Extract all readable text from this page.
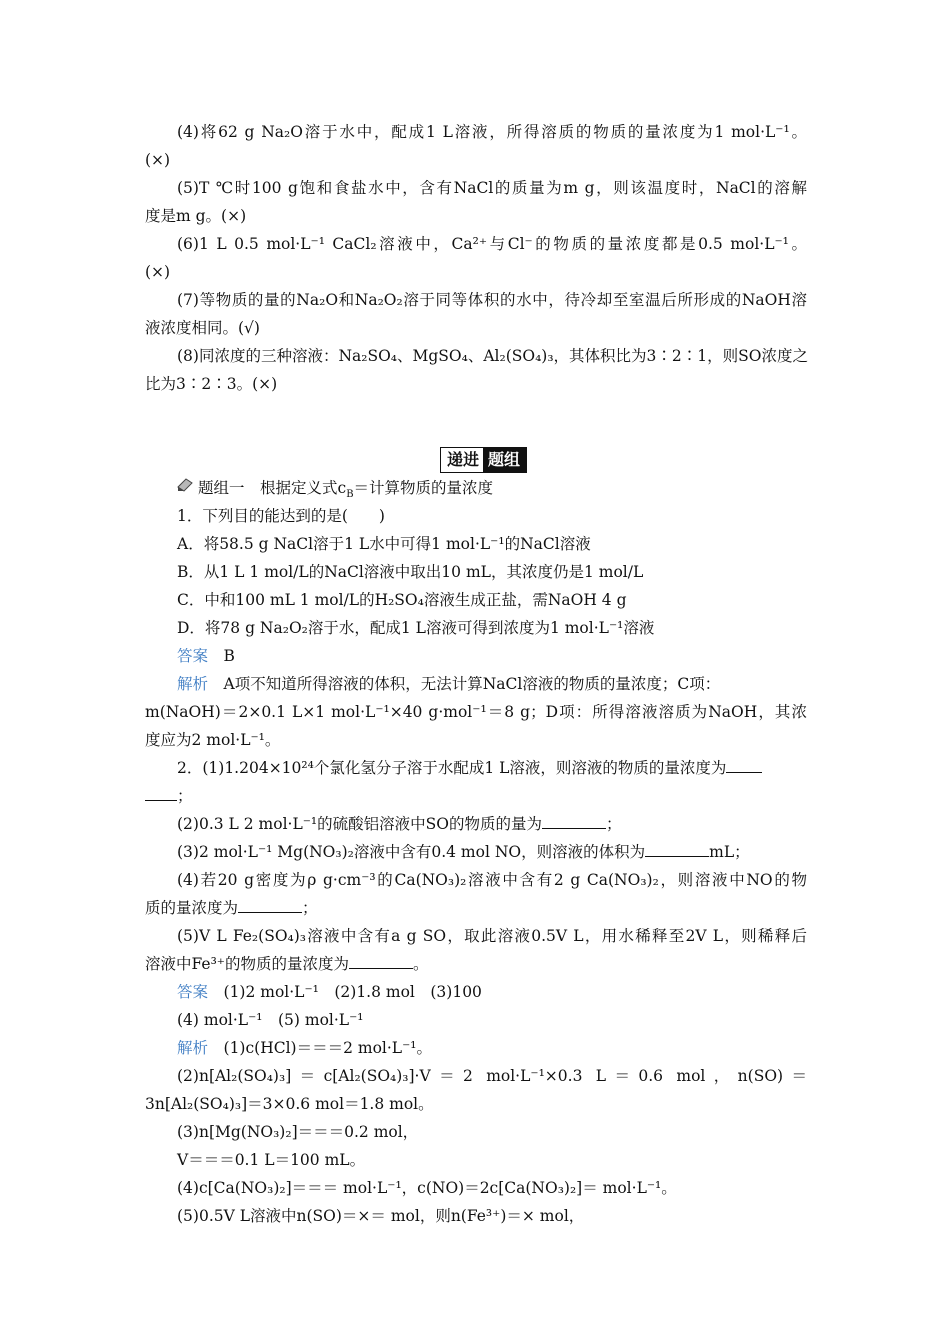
(4)将62 g Na₂O溶于水中，配成1 L溶液，所得溶质的物质的量浓度为1 mol·L⁻¹。
(×)
(5)T ℃时100 g饱和食盐水中，含有NaCl的质量为m g，则该温度时，NaCl的溶解
度是m g。(×)
(6)1 L 0.5 mol·L⁻¹ CaCl₂溶液中，Ca²⁺与Cl⁻的物质的量浓度都是0.5 mol·L⁻¹。
(×)
(7)等物质的量的Na₂O和Na₂O₂溶于同等体积的水中，待冷却至室温后所形成的NaOH溶
液浓度相同。(√)
(8)同浓度的三种溶液：Na₂SO₄、MgSO₄、Al₂(SO₄)₃，其体积比为3∶2∶1，则SO浓度之
比为3∶2∶3。(×)
递进 题组
题组一　根据定义式$c_B=$计算物质的量浓度
1．下列目的能达到的是(　　)
A．将58.5 g NaCl溶于1 L水中可得1 mol·L⁻¹的NaCl溶液
B．从1 L 1 mol/L的NaCl溶液中取出10 mL，其浓度仍是1 mol/L
C．中和100 mL 1 mol/L的H₂SO₄溶液生成正盐，需NaOH 4 g
D．将78 g Na₂O₂溶于水，配成1 L溶液可得到浓度为1 mol·L⁻¹溶液
答案　B
解析　A项不知道所得溶液的体积，无法计算NaCl溶液的物质的量浓度；C项：
m(NaOH)＝2×0.1 L×1 mol·L⁻¹×40 g·mol⁻¹＝8 g；D项：所得溶液溶质为NaOH，其浓
度应为2 mol·L⁻¹。
2．(1)1.204×10²⁴个氯化氢分子溶于水配成1 L溶液，则溶液的物质的量浓度为
；
(2)0.3 L 2 mol·L⁻¹的硫酸铝溶液中SO的物质的量为	；
(3)2 mol·L⁻¹ Mg(NO₃)₂溶液中含有0.4 mol NO，则溶液的体积为	mL；
(4)若20 g密度为ρ g·cm⁻³的Ca(NO₃)₂溶液中含有2 g Ca(NO₃)₂，则溶液中NO的物
质的量浓度为	；
(5)V L Fe₂(SO₄)₃溶液中含有a g SO，取此溶液0.5V L，用水稀释至2V L，则稀释后
溶液中Fe³⁺的物质的量浓度为	。
答案　(1)2 mol·L⁻¹　(2)1.8 mol　(3)100
(4) mol·L⁻¹　(5) mol·L⁻¹
解析　(1)c(HCl)＝＝＝2 mol·L⁻¹。
(2)n[Al₂(SO₄)₃]＝c[Al₂(SO₄)₃]·V＝2 mol·L⁻¹×0.3 L＝0.6 mol，n(SO)＝
3n[Al₂(SO₄)₃]＝3×0.6 mol＝1.8 mol。
(3)n[Mg(NO₃)₂]＝＝＝0.2 mol，
V＝＝＝0.1 L＝100 mL。
(4)c[Ca(NO₃)₂]＝＝＝ mol·L⁻¹，c(NO)＝2c[Ca(NO₃)₂]＝ mol·L⁻¹。
(5)0.5V L溶液中n(SO)＝×＝ mol，则n(Fe³⁺)＝× mol，
